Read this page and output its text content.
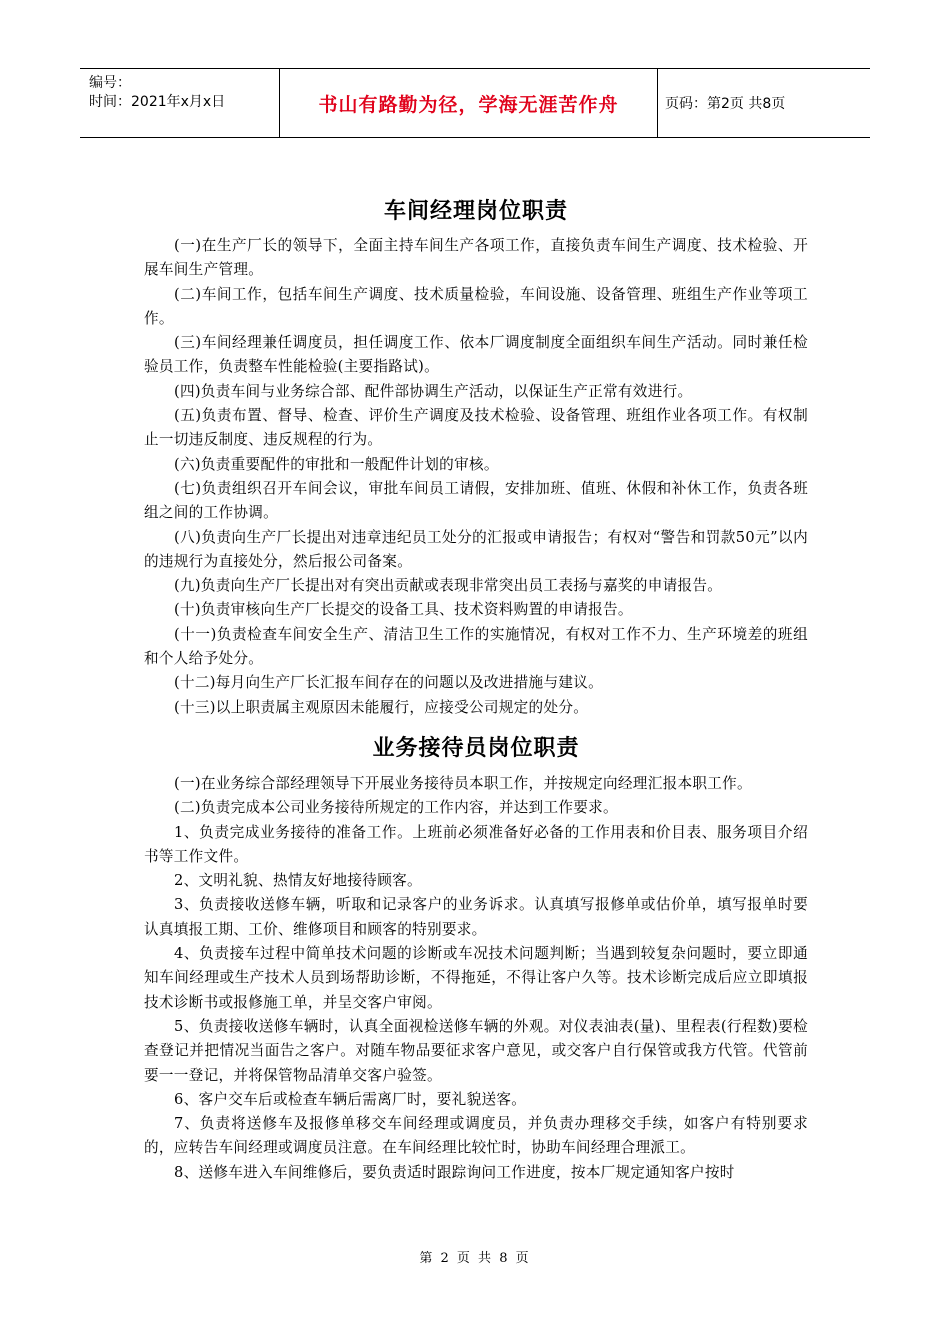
编号：
时间：2021年x月x日	书山有路勤为径，学海无涯苦作舟	页码：第2页 共8页
车间经理岗位职责

(一)在生产厂长的领导下，全面主持车间生产各项工作，直接负责车间生产调度、技术检验、开展车间生产管理。

(二)车间工作，包括车间生产调度、技术质量检验，车间设施、设备管理、班组生产作业等项工作。

(三)车间经理兼任调度员，担任调度工作、依本厂调度制度全面组织车间生产活动。同时兼任检验员工作，负责整车性能检验(主要指路试)。

(四)负责车间与业务综合部、配件部协调生产活动，以保证生产正常有效进行。

(五)负责布置、督导、检查、评价生产调度及技术检验、设备管理、班组作业各项工作。有权制止一切违反制度、违反规程的行为。

(六)负责重要配件的审批和一般配件计划的审核。

(七)负责组织召开车间会议，审批车间员工请假，安排加班、值班、休假和补休工作，负责各班组之间的工作协调。

(八)负责向生产厂长提出对违章违纪员工处分的汇报或申请报告；有权对“警告和罚款50元”以内的违规行为直接处分，然后报公司备案。

(九)负责向生产厂长提出对有突出贡献或表现非常突出员工表扬与嘉奖的申请报告。

(十)负责审核向生产厂长提交的设备工具、技术资料购置的申请报告。

(十一)负责检查车间安全生产、清洁卫生工作的实施情况，有权对工作不力、生产环境差的班组和个人给予处分。

(十二)每月向生产厂长汇报车间存在的问题以及改进措施与建议。

(十三)以上职责属主观原因未能履行，应接受公司规定的处分。

业务接待员岗位职责

(一)在业务综合部经理领导下开展业务接待员本职工作，并按规定向经理汇报本职工作。

(二)负责完成本公司业务接待所规定的工作内容，并达到工作要求。

1、负责完成业务接待的准备工作。上班前必须准备好必备的工作用表和价目表、服务项目介绍书等工作文件。

2、文明礼貌、热情友好地接待顾客。

3、负责接收送修车辆，听取和记录客户的业务诉求。认真填写报修单或估价单，填写报单时要认真填报工期、工价、维修项目和顾客的特别要求。

4、负责接车过程中简单技术问题的诊断或车况技术问题判断；当遇到较复杂问题时，要立即通知车间经理或生产技术人员到场帮助诊断，不得拖延，不得让客户久等。技术诊断完成后应立即填报技术诊断书或报修施工单，并呈交客户审阅。

5、负责接收送修车辆时，认真全面视检送修车辆的外观。对仪表油表(量)、里程表(行程数)要检查登记并把情况当面告之客户。对随车物品要征求客户意见，或交客户自行保管或我方代管。代管前要一一登记，并将保管物品清单交客户验签。

6、客户交车后或检查车辆后需离厂时，要礼貌送客。

7、负责将送修车及报修单移交车间经理或调度员，并负责办理移交手续，如客户有特别要求的，应转告车间经理或调度员注意。在车间经理比较忙时，协助车间经理合理派工。

8、送修车进入车间维修后，要负责适时跟踪询问工作进度，按本厂规定通知客户按时

第 2 页 共 8 页
